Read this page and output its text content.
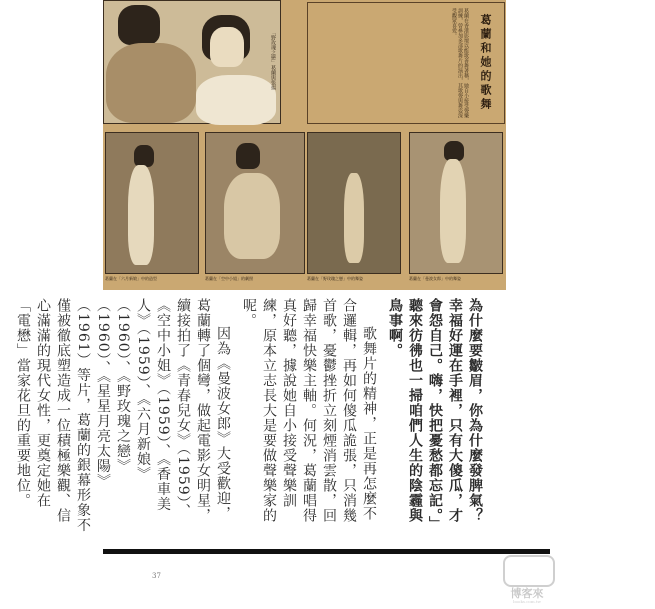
「野玫瑰之戀」葛蘭與張揚	葛蘭和她的歌舞
葛蘭在香港影壇以能歌善舞著稱，她自小接受聲樂訓練，曾參加多部歌舞片的演出，其歌聲與舞姿深受觀眾喜愛。
葛蘭在「六月新娘」中的造型	葛蘭在「空中小姐」的劇照	葛蘭在「野玫瑰之戀」中的舞姿	葛蘭在「曼波女郎」中的舞姿

為什麼要皺眉，你為什麼發脾氣？幸福好運在手裡，只有大傻瓜，才會怨自己。嗨，快把憂愁都忘記。」聽來彷彿也一掃咱們人生的陰霾與鳥事啊。

歌舞片的精神，正是再怎麼不合邏輯，再如何傻瓜詭張，只消幾首歌，憂鬱挫折立刻煙消雲散，回歸幸福快樂主軸。何況，葛蘭唱得真好聽，據說她自小接受聲樂訓練，原本立志長大是要做聲樂家的呢。

因為《曼波女郎》大受歡迎，葛蘭轉了個彎，做起電影女明星，續接拍了《青春兒女》（1959）、《空中小姐》（1959）、《香車美人》（1959）、《六月新娘》（1960）、《野玫瑰之戀》（1960）、《星星月亮太陽》（1961）等片，葛蘭的銀幕形象不僅被徹底塑造成一位積極樂觀、信心滿滿的現代女性，更奠定她在「電懋」當家花旦的重要地位。

37
博客來
books.com.tw
